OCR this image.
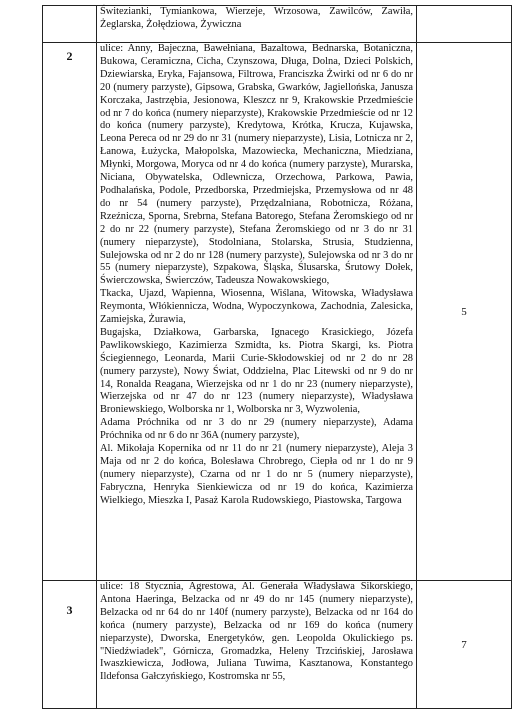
	Świtezianki, Tymiankowa, Wierzeje, Wrzosowa, Zawilców, Zawiła, Żeglarska, Żołędziowa, Żywiczna	

2	ulice: Anny, Bajeczna, Bawełniana, Bazaltowa, Bednarska, Botaniczna, Bukowa, Ceramiczna, Cicha, Czynszowa, Długa, Dolna, Dzieci Polskich, Dziewiarska, Eryka, Fajansowa, Filtrowa, Franciszka Żwirki od nr 6 do nr 20 (numery parzyste), Gipsowa, Grabska, Gwarków, Jagiellońska, Janusza Korczaka, Jastrzębia, Jesionowa, Kleszcz nr 9, Krakowskie Przedmieście od nr 7 do końca (numery nieparzyste), Krakowskie Przedmieście od nr 12 do końca (numery parzyste), Kredytowa, Krótka, Krucza, Kujawska, Leona Pereca od nr 29 do nr 31 (numery nieparzyste), Lisia, Lotnicza nr 2, Łanowa, Łużycka, Małopolska, Mazowiecka, Mechaniczna, Miedziana, Młynki, Morgowa, Moryca od nr 4 do końca (numery parzyste), Murarska, Niciana, Obywatelska, Odlewnicza, Orzechowa, Parkowa, Pawia, Podhalańska, Podole, Przedborska, Przedmiejska, Przemysłowa od nr 48 do nr 54 (numery parzyste), Przędzalniana, Robotnicza, Różana, Rzeźnicza, Sporna, Srebrna, Stefana Batorego, Stefana Żeromskiego od nr 2 do nr 22 (numery parzyste), Stefana Żeromskiego od nr 3 do nr 31 (numery nieparzyste), Stodolniana, Stolarska, Strusia, Studzienna, Sulejowska od nr 2 do nr 128 (numery parzyste), Sulejowska od nr 3 do nr 55 (numery nieparzyste), Szpakowa, Śląska, Ślusarska, Śrutowy Dołek, Świerczowska, Świerczów, Tadeusza Nowakowskiego,

Tkacka, Ujazd, Wapienna, Wiosenna, Wiślana, Witowska, Władysława Reymonta, Włókiennicza, Wodna, Wypoczynkowa, Zachodnia, Zalesicka, Zamiejska, Żurawia,

Bugajska, Działkowa, Garbarska, Ignacego Krasickiego, Józefa Pawlikowskiego, Kazimierza Szmidta, ks. Piotra Skargi, ks. Piotra Ściegiennego, Leonarda, Marii Curie-Skłodowskiej od nr 2 do nr 28 (numery parzyste), Nowy Świat, Oddzielna, Plac Litewski od nr 9 do nr 14, Ronalda Reagana, Wierzejska od nr 1 do nr 23 (numery nieparzyste), Wierzejska od nr 47 do nr 123 (numery nieparzyste), Władysława Broniewskiego, Wolborska nr 1, Wolborska nr 3, Wyzwolenia,

Adama Próchnika od nr 3 do nr 29 (numery nieparzyste), Adama Próchnika od nr 6 do nr 36A (numery parzyste),

Al. Mikołaja Kopernika od nr 11 do nr 21 (numery nieparzyste), Aleja 3 Maja od nr 2 do końca, Bolesława Chrobrego, Ciepła od nr 1 do nr 9 (numery nieparzyste), Czarna od nr 1 do nr 5 (numery nieparzyste), Fabryczna, Henryka Sienkiewicza od nr 19 do końca, Kazimierza Wielkiego, Mieszka I, Pasaż Karola Rudowskiego, Piastowska, Targowa	5

3	ulice: 18 Stycznia, Agrestowa, Al. Generała Władysława Sikorskiego, Antona Haeringa, Belzacka od nr 49 do nr 145 (numery nieparzyste), Belzacka od nr 64 do nr 140f (numery parzyste), Belzacka od nr 164 do końca (numery parzyste), Belzacka od nr 169 do końca (numery nieparzyste), Dworska, Energetyków, gen. Leopolda Okulickiego ps. "Niedźwiadek", Górnicza, Gromadzka, Heleny Trzcińskiej, Jarosława Iwaszkiewicza, Jodłowa, Juliana Tuwima, Kasztanowa, Konstantego Ildefonsa Gałczyńskiego, Kostromska nr 55,	7
